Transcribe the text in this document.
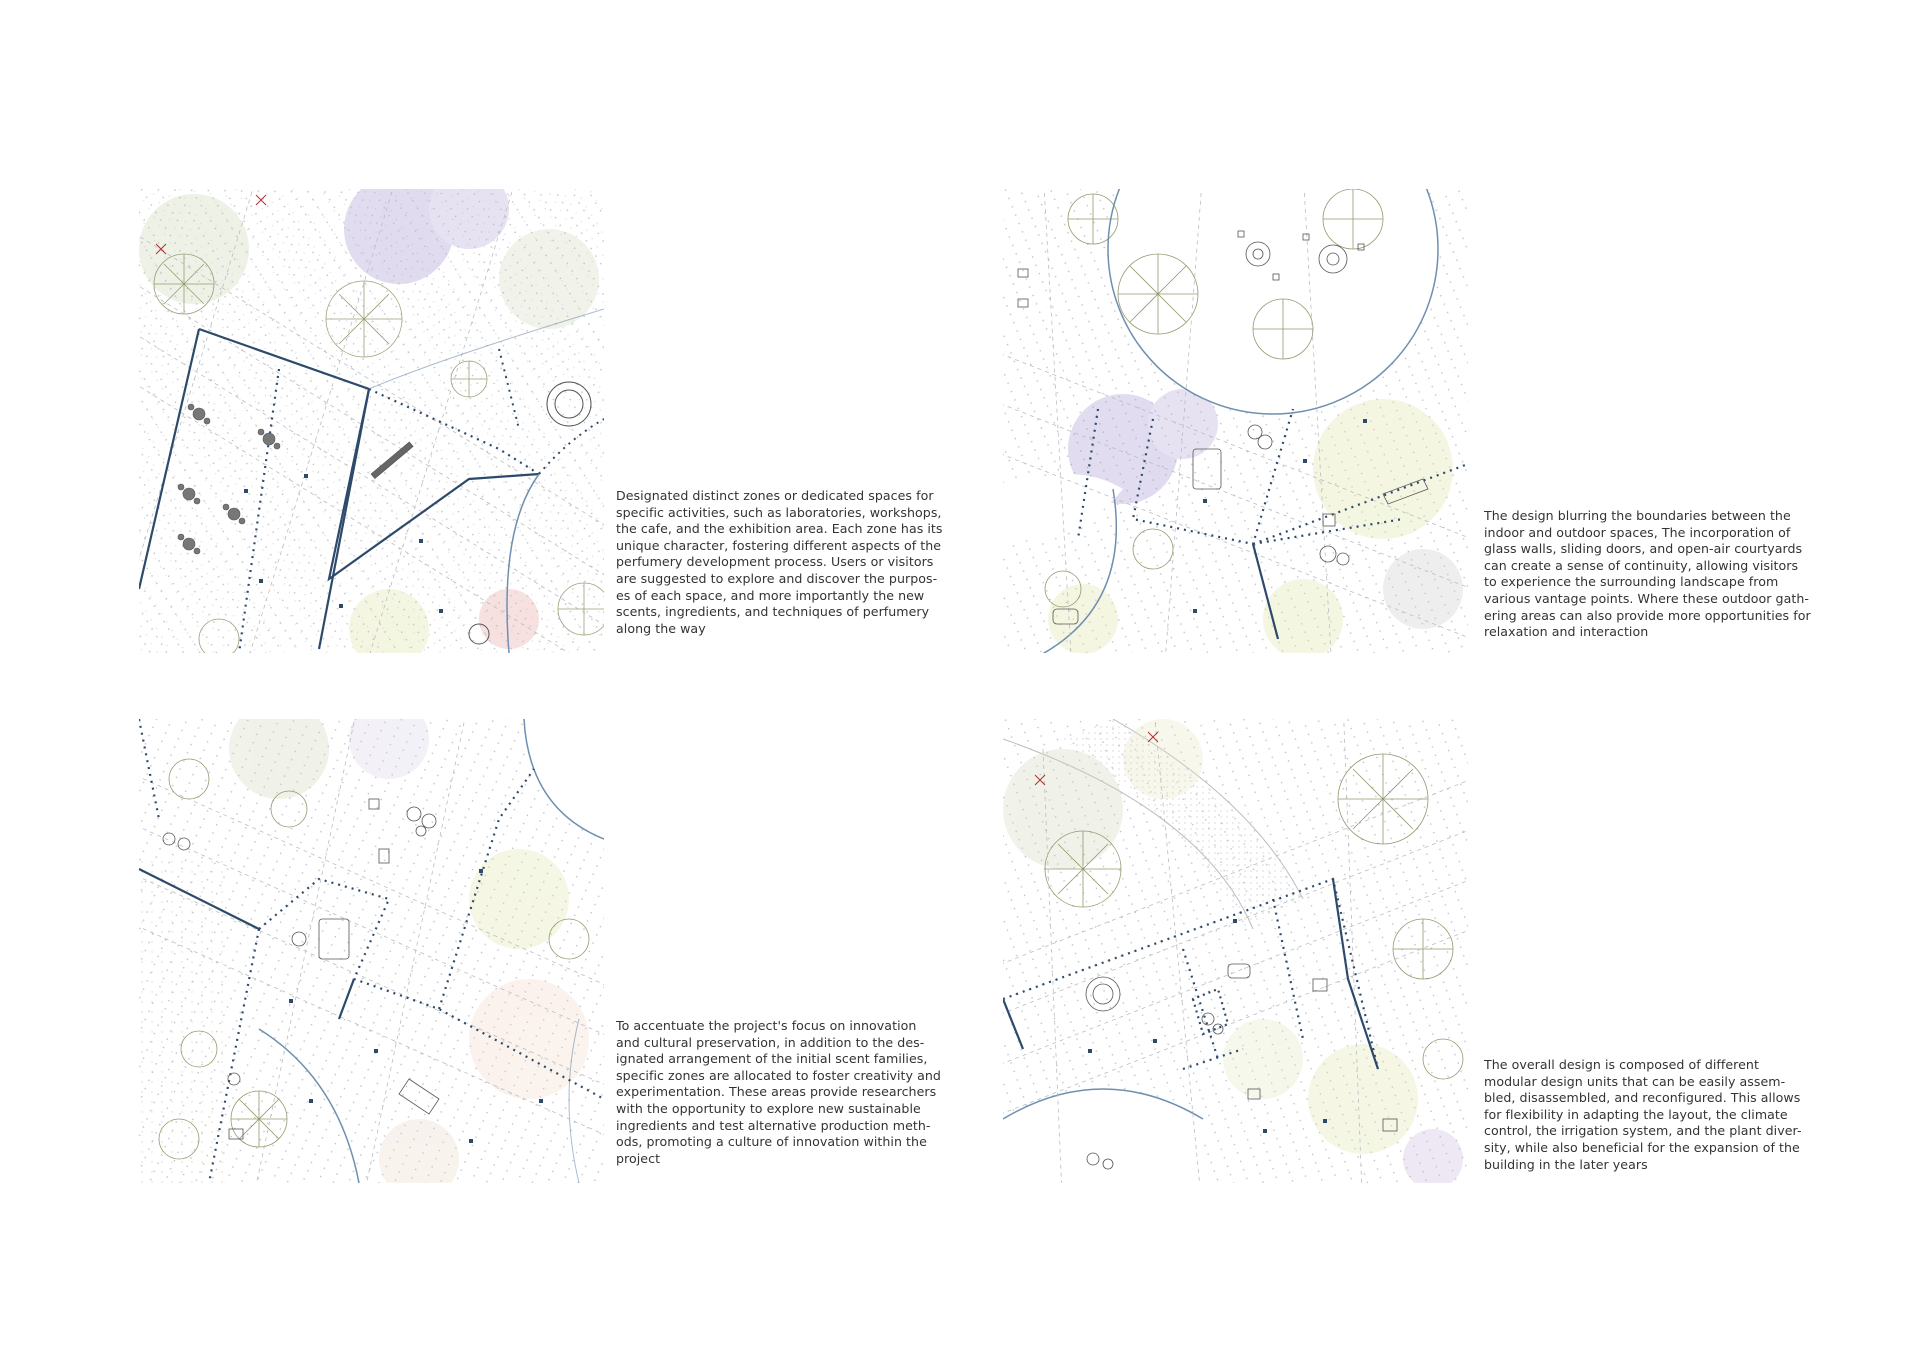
Designated distinct zones or dedicated spaces for
specific activities, such as laboratories, workshops,
the cafe, and the exhibition area. Each zone has its
unique character, fostering different aspects of the
perfumery development process. Users or visitors
are suggested to explore and discover the purpos-
es of each space, and more importantly the new
scents, ingredients, and techniques of perfumery
along the way

The design blurring the boundaries between the
indoor and outdoor spaces, The incorporation of
glass walls, sliding doors, and open-air courtyards
can create a sense of continuity, allowing visitors
to experience the surrounding landscape from
various vantage points. Where these outdoor gath-
ering areas can also provide more opportunities for
relaxation and interaction

To accentuate the project's focus on innovation
and cultural preservation, in addition to the des-
ignated arrangement of the initial scent families,
specific zones are allocated to foster creativity and
experimentation. These areas provide researchers
with the opportunity to explore new sustainable
ingredients and test alternative production meth-
ods, promoting a culture of innovation within the
project

The overall design is composed of different
modular design units that can be easily assem-
bled, disassembled, and reconfigured. This allows
for flexibility in adapting the layout, the climate
control, the irrigation system, and the plant diver-
sity, while also beneficial for the expansion of the
building in the later years
